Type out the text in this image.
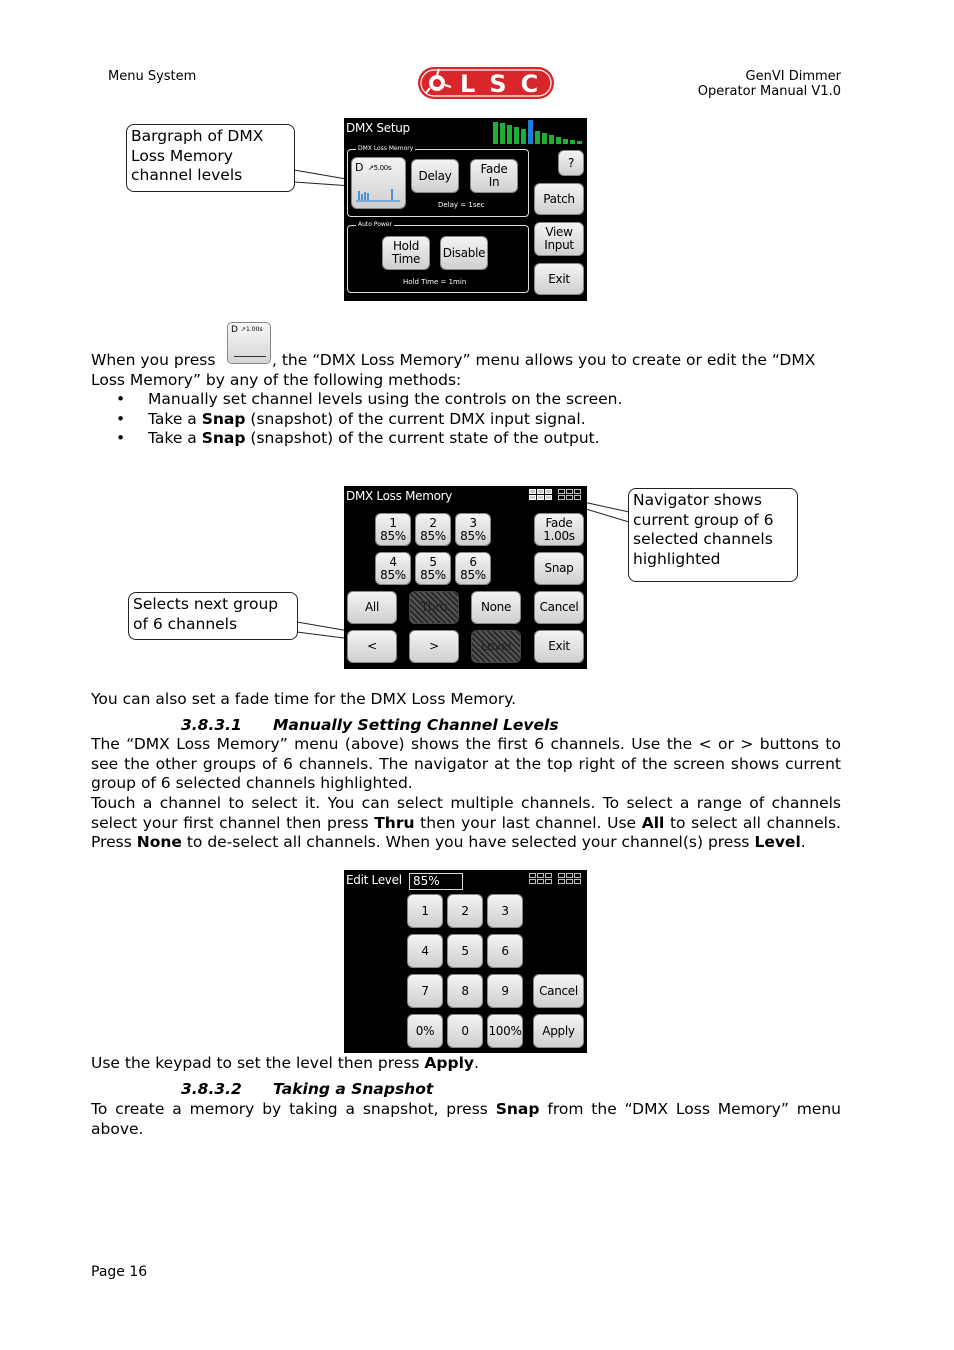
Menu System	LSC	GenVI Dimmer
Operator Manual V1.0
Bargraph of DMX Loss Memory channel levels
DMX Setup
DMX Loss Memory
D ↗5.00s
Delay	Fade In
Delay = 1sec
Auto Power
Hold Time	Disable
Hold Time = 1min
?
Patch
View Input
Exit
D ↗1.00s
When you press	, the “DMX Loss Memory” menu allows you to create or edit the “DMX
Loss Memory” by any of the following methods:
• Manually set channel levels using the controls on the screen.
• Take a Snap (snapshot) of the current DMX input signal.
• Take a Snap (snapshot) of the current state of the output.
Navigator shows current group of 6 selected channels highlighted
Selects next group of 6 channels
DMX Loss Memory
1
85%
2
85%
3
85%
4
85%
5
85%
6
85%
Fade 1.00s
Snap
All	Thru	None	Cancel
<	>	Level	Exit
You can also set a fade time for the DMX Loss Memory.
3.8.3.1 Manually Setting Channel Levels
The “DMX Loss Memory” menu (above) shows the first 6 channels. Use the < or > buttons to see the other groups of 6 channels. The navigator at the top right of the screen shows current group of 6 selected channels highlighted.
Touch a channel to select it. You can select multiple channels. To select a range of channels select your first channel then press Thru then your last channel. Use All to select all channels. Press None to de-select all channels. When you have selected your channel(s) press Level.
Edit Level 85%
1	2	3
4	5	6
7	8	9
0%	0	100%
Cancel
Apply
Use the keypad to set the level then press Apply.
3.8.3.2 Taking a Snapshot
To create a memory by taking a snapshot, press Snap from the “DMX Loss Memory” menu above.
Page 16
